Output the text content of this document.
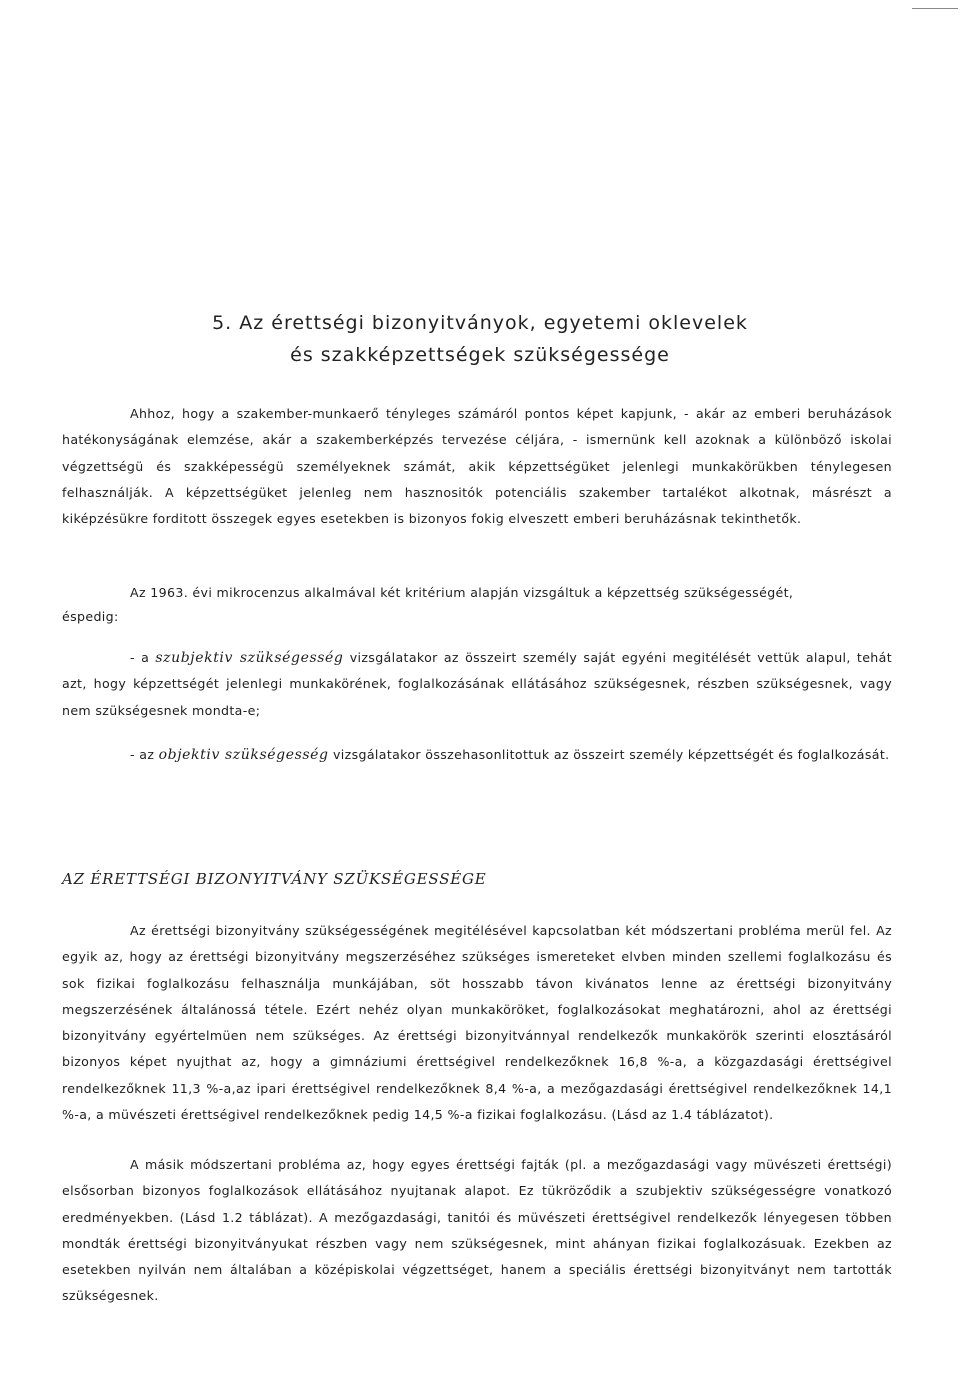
5. Az érettségi bizonyitványok, egyetemi oklevelek
és szakképzettségek szükségessége

Ahhoz, hogy a szakember-munkaerő tényleges számáról pontos képet kapjunk, - akár az emberi beruházások hatékonyságának elemzése, akár a szakemberképzés tervezése céljára, - ismernünk kell azoknak a különböző iskolai végzettségü és szakképességü személyeknek számát, akik képzettségüket jelenlegi munkakörükben ténylegesen felhasználják. A képzettségüket jelenleg nem hasznositók potenciális szakember tartalékot alkotnak, másrészt a kiképzésükre forditott összegek egyes esetekben is bizonyos fokig elveszett emberi beruházásnak tekinthetők.

Az 1963. évi mikrocenzus alkalmával két kritérium alapján vizsgáltuk a képzettség szükségességét,

éspedig:

- a szubjektiv szükségesség vizsgálatakor az összeirt személy saját egyéni megitélését vettük alapul, tehát azt, hogy képzettségét jelenlegi munkakörének, foglalkozásának ellátásához szükségesnek, részben szükségesnek, vagy nem szükségesnek mondta-e;

- az objektiv szükségesség vizsgálatakor összehasonlitottuk az összeirt személy képzettségét és foglalkozását.

AZ ÉRETTSÉGI BIZONYITVÁNY SZÜKSÉGESSÉGE

Az érettségi bizonyitvány szükségességének megitélésével kapcsolatban két módszertani probléma merül fel. Az egyik az, hogy az érettségi bizonyitvány megszerzéséhez szükséges ismereteket elvben minden szellemi foglalkozásu és sok fizikai foglalkozásu felhasználja munkájában, söt hosszabb távon kivánatos lenne az érettségi bizonyitvány megszerzésének általánossá tétele. Ezért nehéz olyan munkaköröket, foglalkozásokat meghatározni, ahol az érettségi bizonyitvány egyértelmüen nem szükséges. Az érettségi bizonyitvánnyal rendelkezők munkakörök szerinti elosztásáról bizonyos képet nyujthat az, hogy a gimnáziumi érettségivel rendelkezőknek 16,8 %-a, a közgazdasági érettségivel rendelkezőknek 11,3 %-a,az ipari érettségivel rendelkezőknek 8,4 %-a, a mezőgazdasági érettségivel rendelkezőknek 14,1 %-a, a müvészeti érettségivel rendelkezőknek pedig 14,5 %-a fizikai foglalkozásu. (Lásd az 1.4 táblázatot).

A másik módszertani probléma az, hogy egyes érettségi fajták (pl. a mezőgazdasági vagy müvészeti érettségi) elsősorban bizonyos foglalkozások ellátásához nyujtanak alapot. Ez tükröződik a szubjektiv szükségességre vonatkozó eredményekben. (Lásd 1.2 táblázat). A mezőgazdasági, tanitói és müvészeti érettségivel rendelkezők lényegesen többen mondták érettségi bizonyitványukat részben vagy nem szükségesnek, mint ahányan fizikai foglalkozásuak. Ezekben az esetekben nyilván nem általában a középiskolai végzettséget, hanem a speciális érettségi bizonyitványt nem tartották szükségesnek.
